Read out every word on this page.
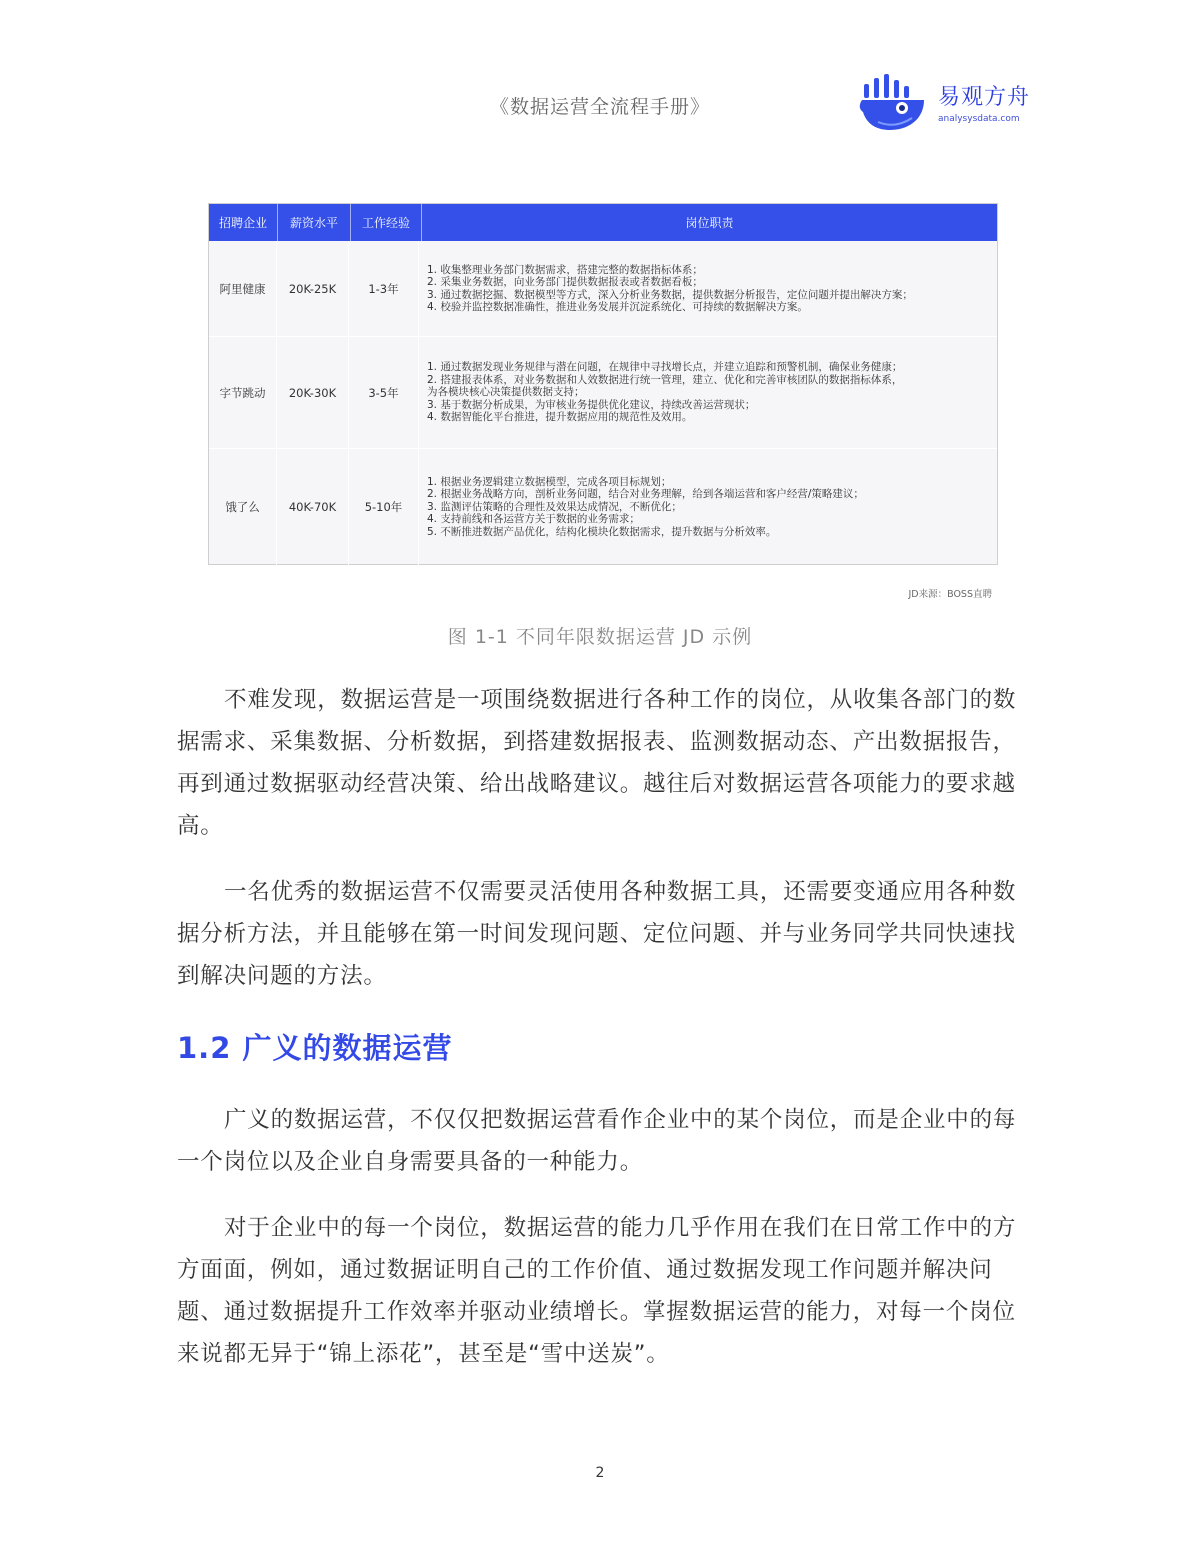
《数据运营全流程手册》	易观方舟
analysysdata.com
招聘企业	薪资水平	工作经验	岗位职责
阿里健康	20K-25K	1-3年
1. 收集整理业务部门数据需求，搭建完整的数据指标体系；
2. 采集业务数据，向业务部门提供数据报表或者数据看板；
3. 通过数据挖掘、数据模型等方式，深入分析业务数据，提供数据分析报告，定位问题并提出解决方案；
4. 校验并监控数据准确性，推进业务发展并沉淀系统化、可持续的数据解决方案。
字节跳动	20K-30K	3-5年
1. 通过数据发现业务规律与潜在问题，在规律中寻找增长点，并建立追踪和预警机制，确保业务健康；
2. 搭建报表体系，对业务数据和人效数据进行统一管理，建立、优化和完善审核团队的数据指标体系，
为各模块核心决策提供数据支持；
3. 基于数据分析成果，为审核业务提供优化建议，持续改善运营现状；
4. 数据智能化平台推进，提升数据应用的规范性及效用。
饿了么	40K-70K	5-10年
1. 根据业务逻辑建立数据模型，完成各项目标规划；
2. 根据业务战略方向，剖析业务问题，结合对业务理解，给到各端运营和客户经营/策略建议；
3. 监测评估策略的合理性及效果达成情况，不断优化；
4. 支持前线和各运营方关于数据的业务需求；
5. 不断推进数据产品优化，结构化模块化数据需求，提升数据与分析效率。
JD来源：BOSS直聘
图 1-1 不同年限数据运营 JD 示例

不难发现，数据运营是一项围绕数据进行各种工作的岗位，从收集各部门的数据需求、采集数据、分析数据，到搭建数据报表、监测数据动态、产出数据报告，再到通过数据驱动经营决策、给出战略建议。越往后对数据运营各项能力的要求越高。

一名优秀的数据运营不仅需要灵活使用各种数据工具，还需要变通应用各种数据分析方法，并且能够在第一时间发现问题、定位问题、并与业务同学共同快速找到解决问题的方法。

1.2 广义的数据运营

广义的数据运营，不仅仅把数据运营看作企业中的某个岗位，而是企业中的每一个岗位以及企业自身需要具备的一种能力。

对于企业中的每一个岗位，数据运营的能力几乎作用在我们在日常工作中的方方面面，例如，通过数据证明自己的工作价值、通过数据发现工作问题并解决问题、通过数据提升工作效率并驱动业绩增长。掌握数据运营的能力，对每一个岗位来说都无异于“锦上添花”，甚至是“雪中送炭”。

2
